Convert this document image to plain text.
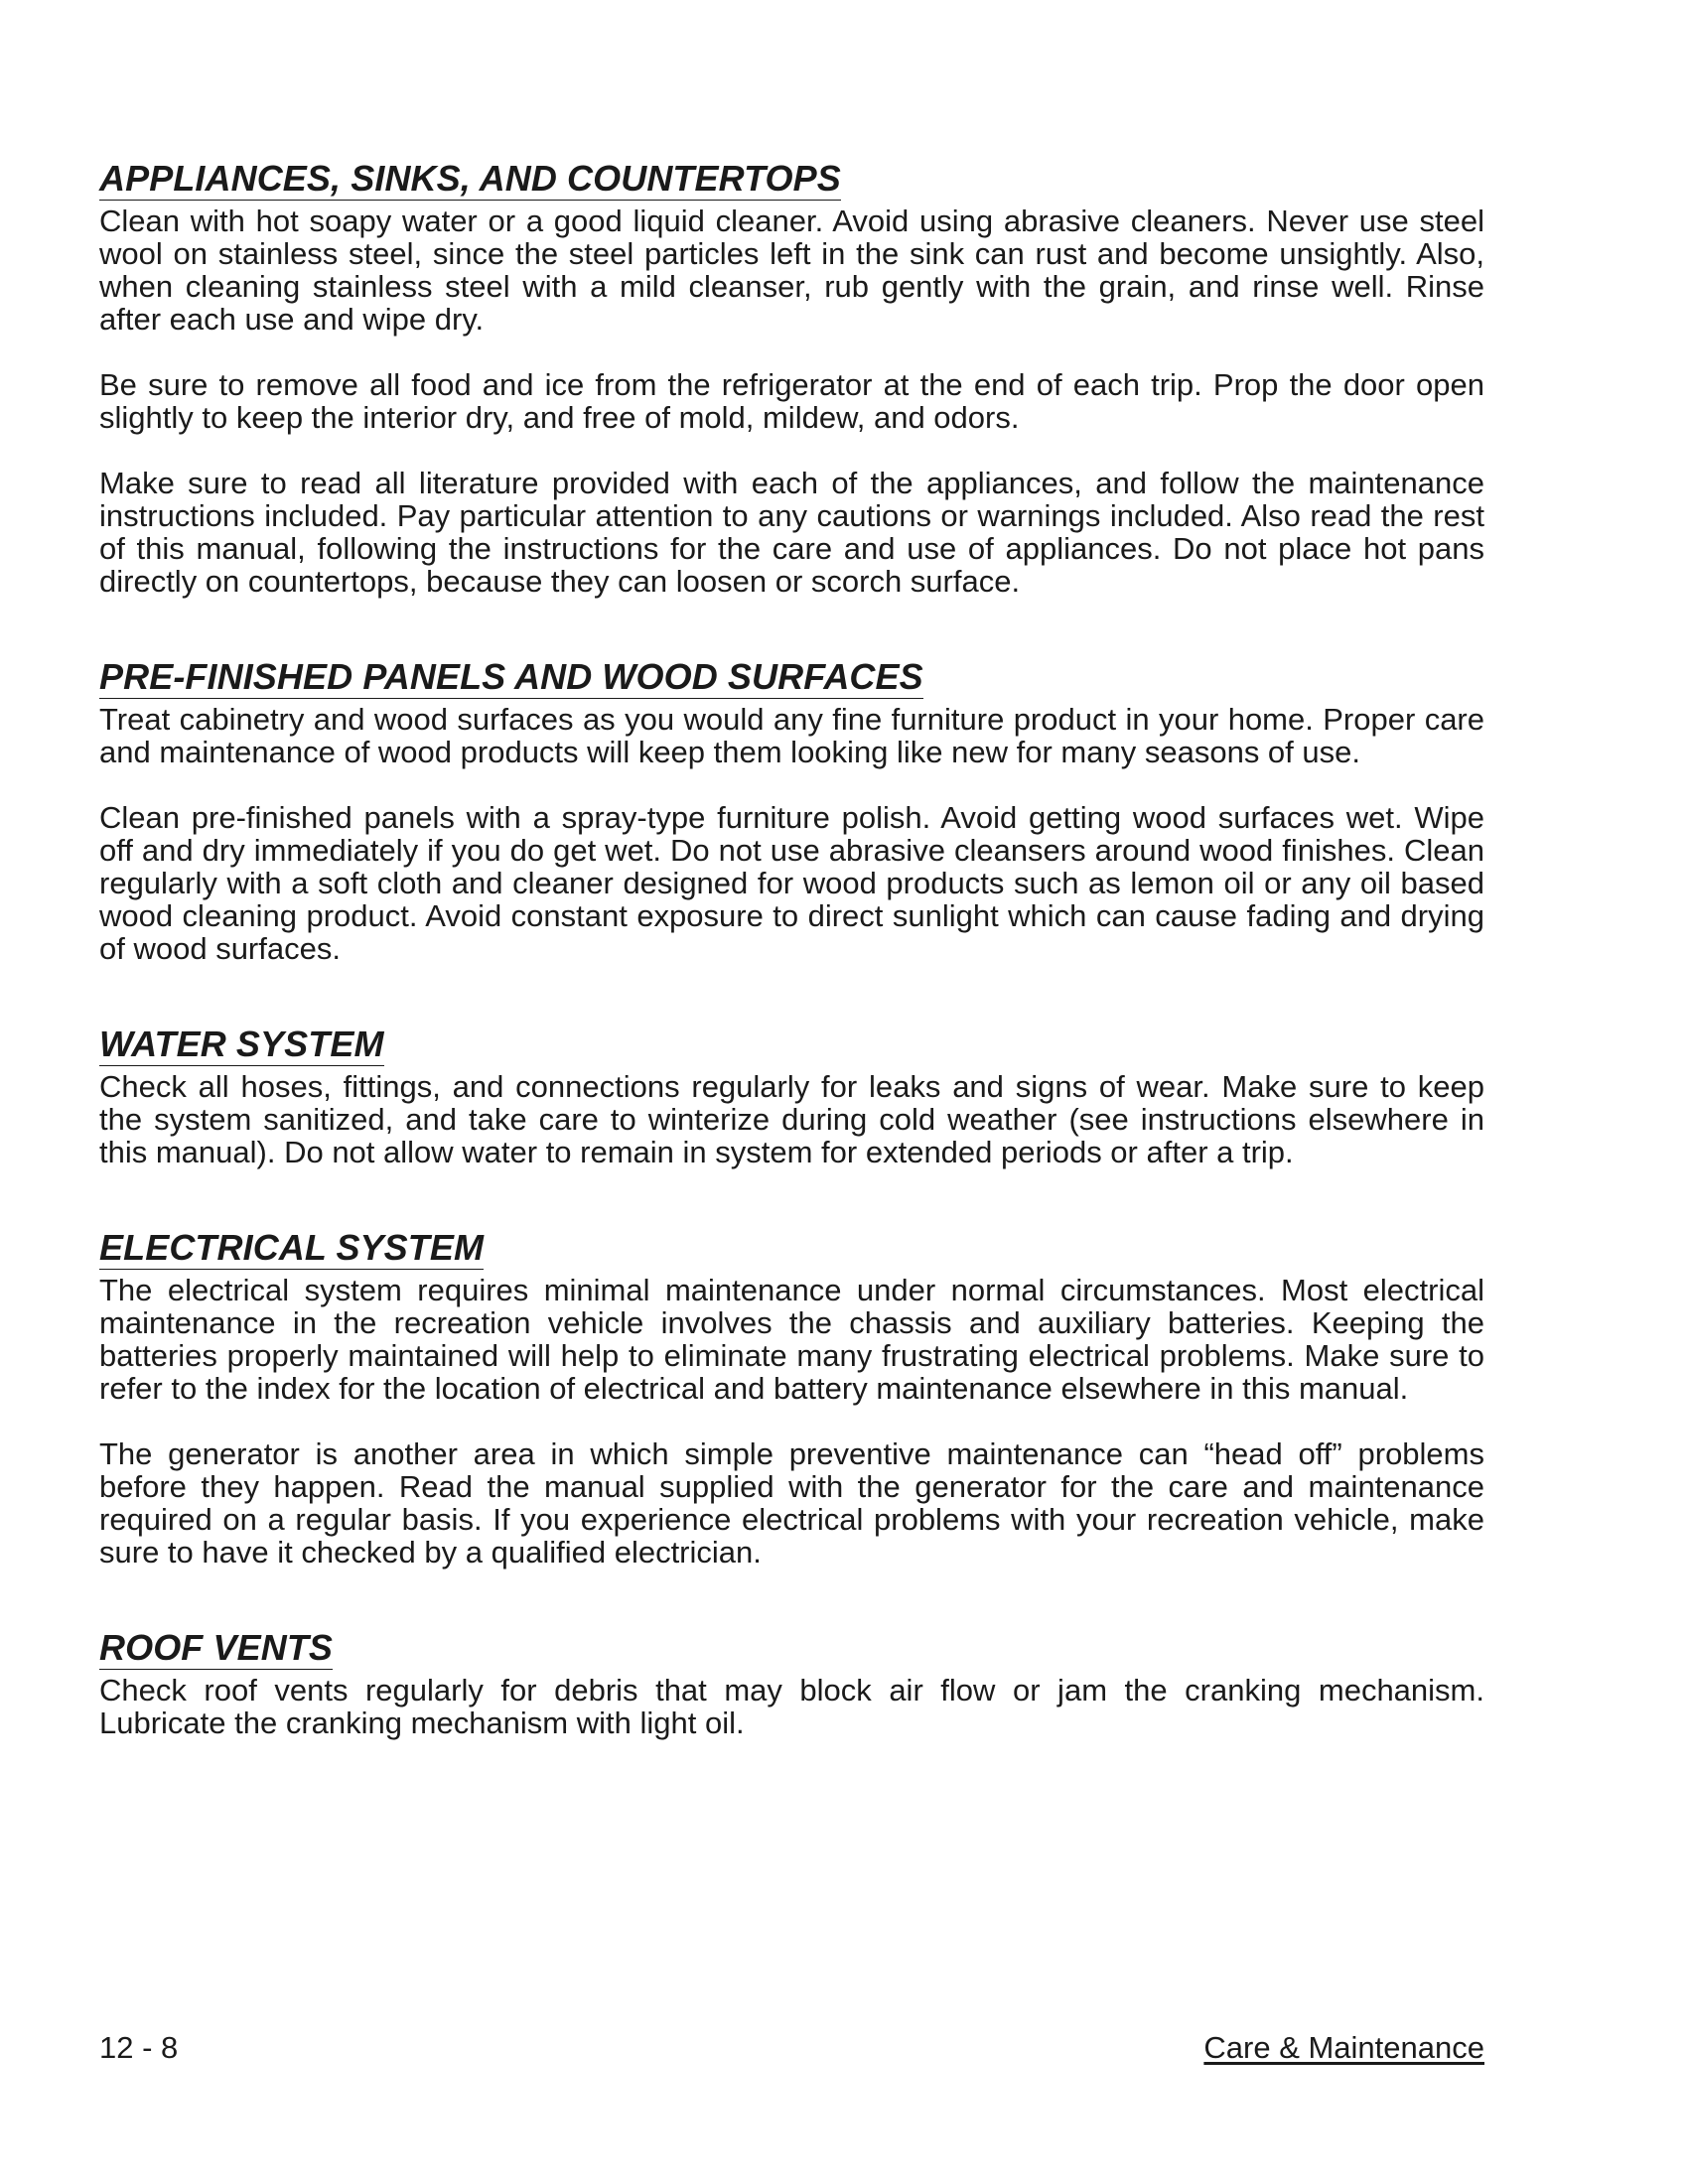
APPLIANCES, SINKS, AND COUNTERTOPS

Clean with hot soapy water or a good liquid cleaner. Avoid using abrasive cleaners. Never use steel wool on stainless steel, since the steel particles left in the sink can rust and become unsightly. Also, when cleaning stainless steel with a mild cleanser, rub gently with the grain, and rinse well. Rinse after each use and wipe dry.

Be sure to remove all food and ice from the refrigerator at the end of each trip. Prop the door open slightly to keep the interior dry, and free of mold, mildew, and odors.

Make sure to read all literature provided with each of the appliances, and follow the maintenance instructions included. Pay particular attention to any cautions or warnings included. Also read the rest of this manual, following the instructions for the care and use of appliances. Do not place hot pans directly on countertops, because they can loosen or scorch surface.

PRE-FINISHED PANELS AND WOOD SURFACES

Treat cabinetry and wood surfaces as you would any fine furniture product in your home. Proper care and maintenance of wood products will keep them looking like new for many seasons of use.

Clean pre-finished panels with a spray-type furniture polish. Avoid getting wood surfaces wet. Wipe off and dry immediately if you do get wet. Do not use abrasive cleansers around wood finishes. Clean regularly with a soft cloth and cleaner designed for wood products such as lemon oil or any oil based wood cleaning product. Avoid constant exposure to direct sunlight which can cause fading and drying of wood surfaces.

WATER SYSTEM

Check all hoses, fittings, and connections regularly for leaks and signs of wear. Make sure to keep the system sanitized, and take care to winterize during cold weather (see instructions elsewhere in this manual). Do not allow water to remain in system for extended periods or after a trip.

ELECTRICAL SYSTEM

The electrical system requires minimal maintenance under normal circumstances. Most electrical maintenance in the recreation vehicle involves the chassis and auxiliary batteries. Keeping the batteries properly maintained will help to eliminate many frustrating electrical problems. Make sure to refer to the index for the location of electrical and battery maintenance elsewhere in this manual.

The generator is another area in which simple preventive maintenance can “head off” problems before they happen. Read the manual supplied with the generator for the care and maintenance required on a regular basis. If you experience electrical problems with your recreation vehicle, make sure to have it checked by a qualified electrician.

ROOF VENTS

Check roof vents regularly for debris that may block air flow or jam the cranking mechanism. Lubricate the cranking mechanism with light oil.

12 - 8	Care & Maintenance
